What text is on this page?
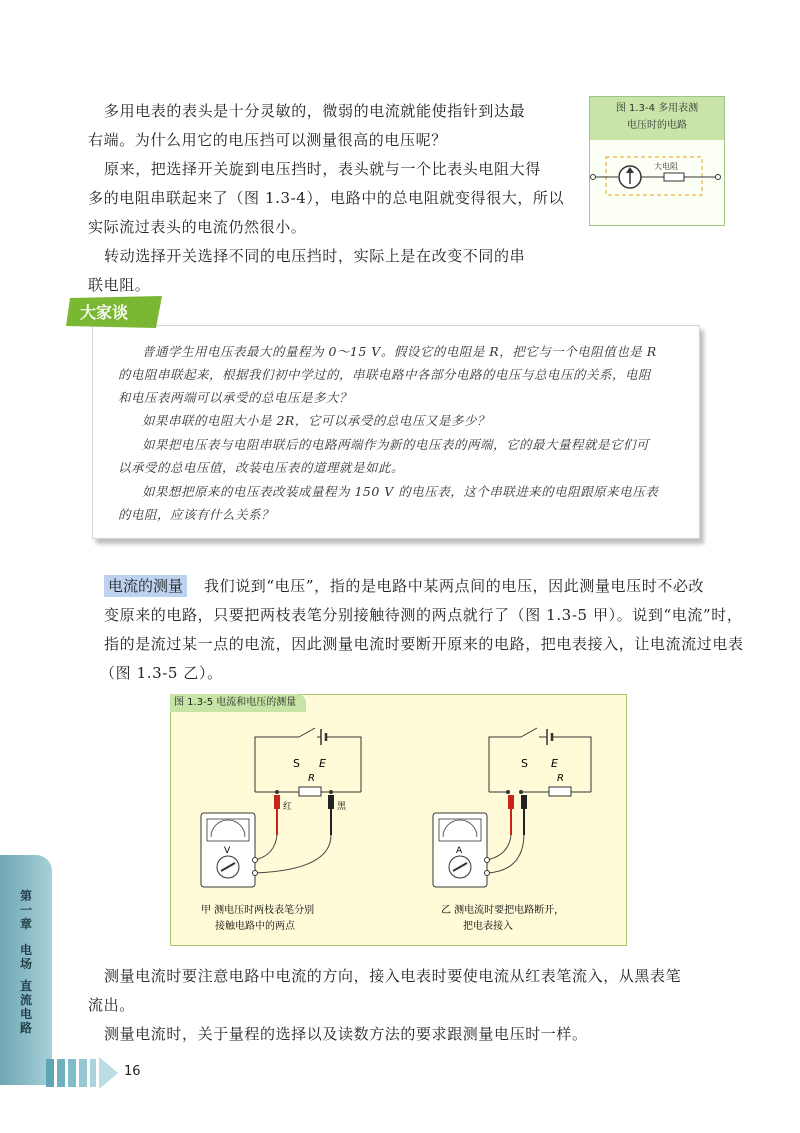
多用电表的表头是十分灵敏的，微弱的电流就能使指针到达最
右端。为什么用它的电压挡可以测量很高的电压呢？
原来，把选择开关旋到电压挡时，表头就与一个比表头电阻大得
多的电阻串联起来了（图 1.3-4），电路中的总电阻就变得很大，所以
实际流过表头的电流仍然很小。
转动选择开关选择不同的电压挡时，实际上是在改变不同的串
联电阻。
图 1.3-4 多用表测
电压时的电路
大电阻
大家谈
普通学生用电压表最大的量程为 0～15 V。假设它的电阻是 R，把它与一个电阻值也是 R
的电阻串联起来，根据我们初中学过的，串联电路中各部分电路的电压与总电压的关系，电阻
和电压表两端可以承受的总电压是多大？
如果串联的电阻大小是 2R，它可以承受的总电压又是多少？
如果把电压表与电阻串联后的电路两端作为新的电压表的两端，它的最大量程就是它们可
以承受的总电压值，改装电压表的道理就是如此。
如果想把原来的电压表改装成量程为 150 V 的电压表，这个串联进来的电阻跟原来电压表
的电阻，应该有什么关系？
电流的测量 我们说到“电压”，指的是电路中某两点间的电压，因此测量电压时不必改
变原来的电路，只要把两枝表笔分别接触待测的两点就行了（图 1.3-5 甲）。说到“电流”时，
指的是流过某一点的电流，因此测量电流时要断开原来的电路，把电表接入，让电流流过电表
（图 1.3-5 乙）。
S E
R
红	黑
V
甲 测电压时两枝表笔分别
接触电路中的两点
S E
R
A
乙 测电流时要把电路断开，
把电表接入
图 1.3-5 电流和电压的测量
测量电流时要注意电路中电流的方向，接入电表时要使电流从红表笔流入，从黑表笔
流出。
测量电流时，关于量程的选择以及读数方法的要求跟测量电压时一样。
第一章
电场
直流电路
16
